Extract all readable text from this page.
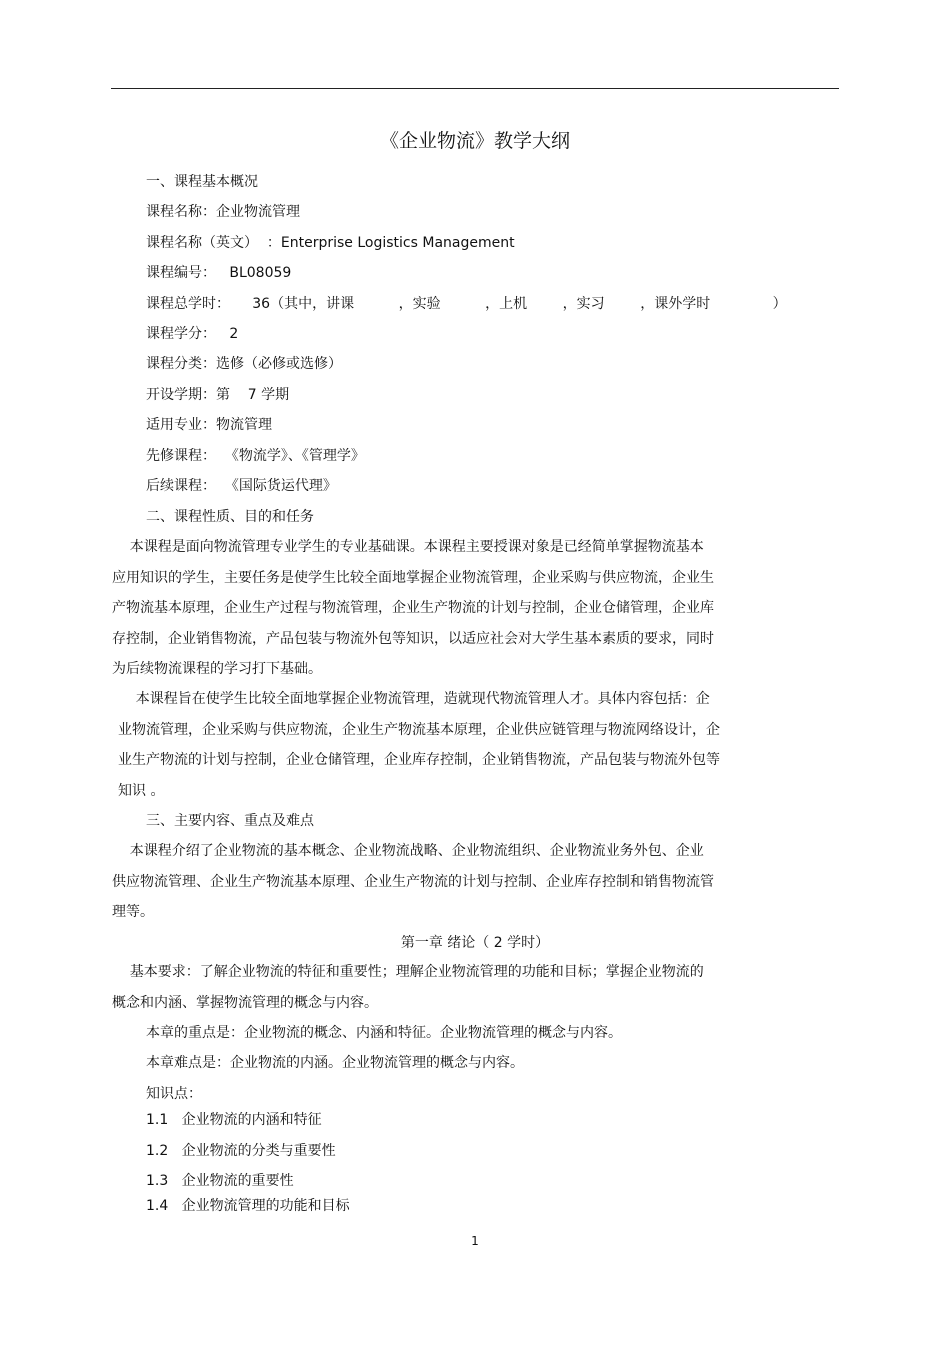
《企业物流》教学大纲
一、课程基本概况
课程名称：企业物流管理
课程名称（英文）  ：Enterprise Logistics Management
课程编号：   BL08059
课程总学时：     36（其中，讲课          ，实验          ，上机        ，实习        ，课外学时              ）
课程学分：   2
课程分类：选修（必修或选修）
开设学期：第    7 学期
适用专业：物流管理
先修课程：  《物流学》、《管理学》
后续课程：  《国际货运代理》
二、课程性质、目的和任务
本课程是面向物流管理专业学生的专业基础课。本课程主要授课对象是已经简单掌握物流基本
应用知识的学生，主要任务是使学生比较全面地掌握企业物流管理，企业采购与供应物流，企业生
产物流基本原理，企业生产过程与物流管理，企业生产物流的计划与控制，企业仓储管理，企业库
存控制，企业销售物流，产品包装与物流外包等知识，以适应社会对大学生基本素质的要求，同时
为后续物流课程的学习打下基础。
本课程旨在使学生比较全面地掌握企业物流管理，造就现代物流管理人才。具体内容包括：企
业物流管理，企业采购与供应物流，企业生产物流基本原理，企业供应链管理与物流网络设计，企
业生产物流的计划与控制，企业仓储管理，企业库存控制，企业销售物流，产品包装与物流外包等
知识 。
三、主要内容、重点及难点
本课程介绍了企业物流的基本概念、企业物流战略、企业物流组织、企业物流业务外包、企业
供应物流管理、企业生产物流基本原理、企业生产物流的计划与控制、企业库存控制和销售物流管
理等。
第一章 绪论（ 2 学时）
基本要求：了解企业物流的特征和重要性；理解企业物流管理的功能和目标；掌握企业物流的
概念和内涵、掌握物流管理的概念与内容。
本章的重点是：企业物流的概念、内涵和特征。企业物流管理的概念与内容。
本章难点是：企业物流的内涵。企业物流管理的概念与内容。
知识点：
1.1   企业物流的内涵和特征
1.2   企业物流的分类与重要性
1.3   企业物流的重要性
1.4   企业物流管理的功能和目标
1
